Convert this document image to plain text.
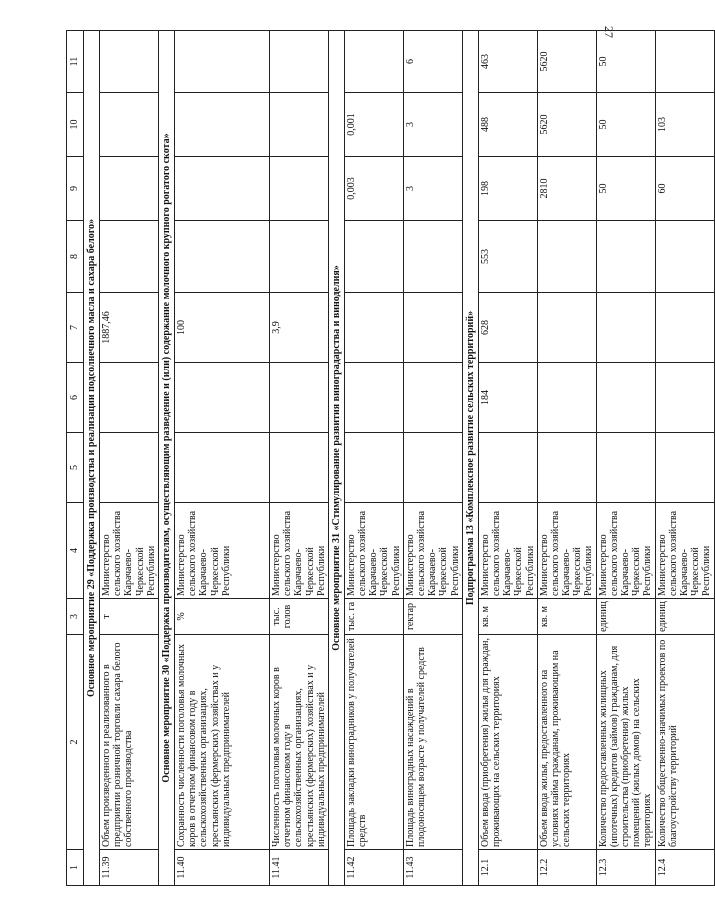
27
1	2	3	4	5	6	7	8	9	10	11
Основное мероприятие 29 «Поддержка производства и реализации подсолнечного масла и сахара белого»										
11.39	Объем произведенного и реализованного в предприятии розничной торговли сахара белого собственного производства	т	Министерство сельского хозяйства Карачаево-Черкесской Республики			1887,46				
Основное мероприятие 30 «Поддержка производителям, осуществляющим разведение и (или) содержание молочного крупного рогатого скота»										
11.40	Сохранность численности поголовья молочных коров в отчетном финансовом году в сельскохозяйственных организациях, крестьянских (фермерских) хозяйствах и у индивидуальных предпринимателей	%	Министерство сельского хозяйства Карачаево-Черкесской Республики			100				
11.41	Численность поголовья молочных коров в отчетном финансовом году в сельскохозяйственных организациях, крестьянских (фермерских) хозяйствах и у индивидуальных предпринимателей	тыс. голов	Министерство сельского хозяйства Карачаево-Черкесской Республики			3,9				
Основное мероприятие 31 «Стимулирование развития виноградарства и виноделия»										
11.42	Площадь закладки виноградников у получателей средств	тыс. га	Министерство сельского хозяйства Карачаево-Черкесской Республики					0,003	0,001	
11.43	Площадь виноградных насаждений в плодоносящем возрасте у получателей средств	гектар	Министерство сельского хозяйства Карачаево-Черкесской Республики					3	3	6
Подпрограмма 13 «Комплексное развитие сельских территорий»										
12.1	Объем ввода (приобретения) жилья для граждан, проживающих на сельских территориях	кв. м	Министерство сельского хозяйства Карачаево-Черкесской Республики		184	628	553	198	488	463
12.2	Объем ввода жилья, предоставленного на условиях найма гражданам, проживающим на сельских территориях	кв. м	Министерство сельского хозяйства Карачаево-Черкесской Республики					2810	5620	5620
12.3	Количество предоставленных жилищных (ипотечных) кредитов (займов) гражданам, для строительства (приобретения) жилых помещений (жилых домов) на сельских территориях	единиц	Министерство сельского хозяйства Карачаево-Черкесской Республики					50	50	50
12.4	Количество общественно-значимых проектов по благоустройству территорий	единиц	Министерство сельского хозяйства Карачаево-Черкесской Республики					60	103	
